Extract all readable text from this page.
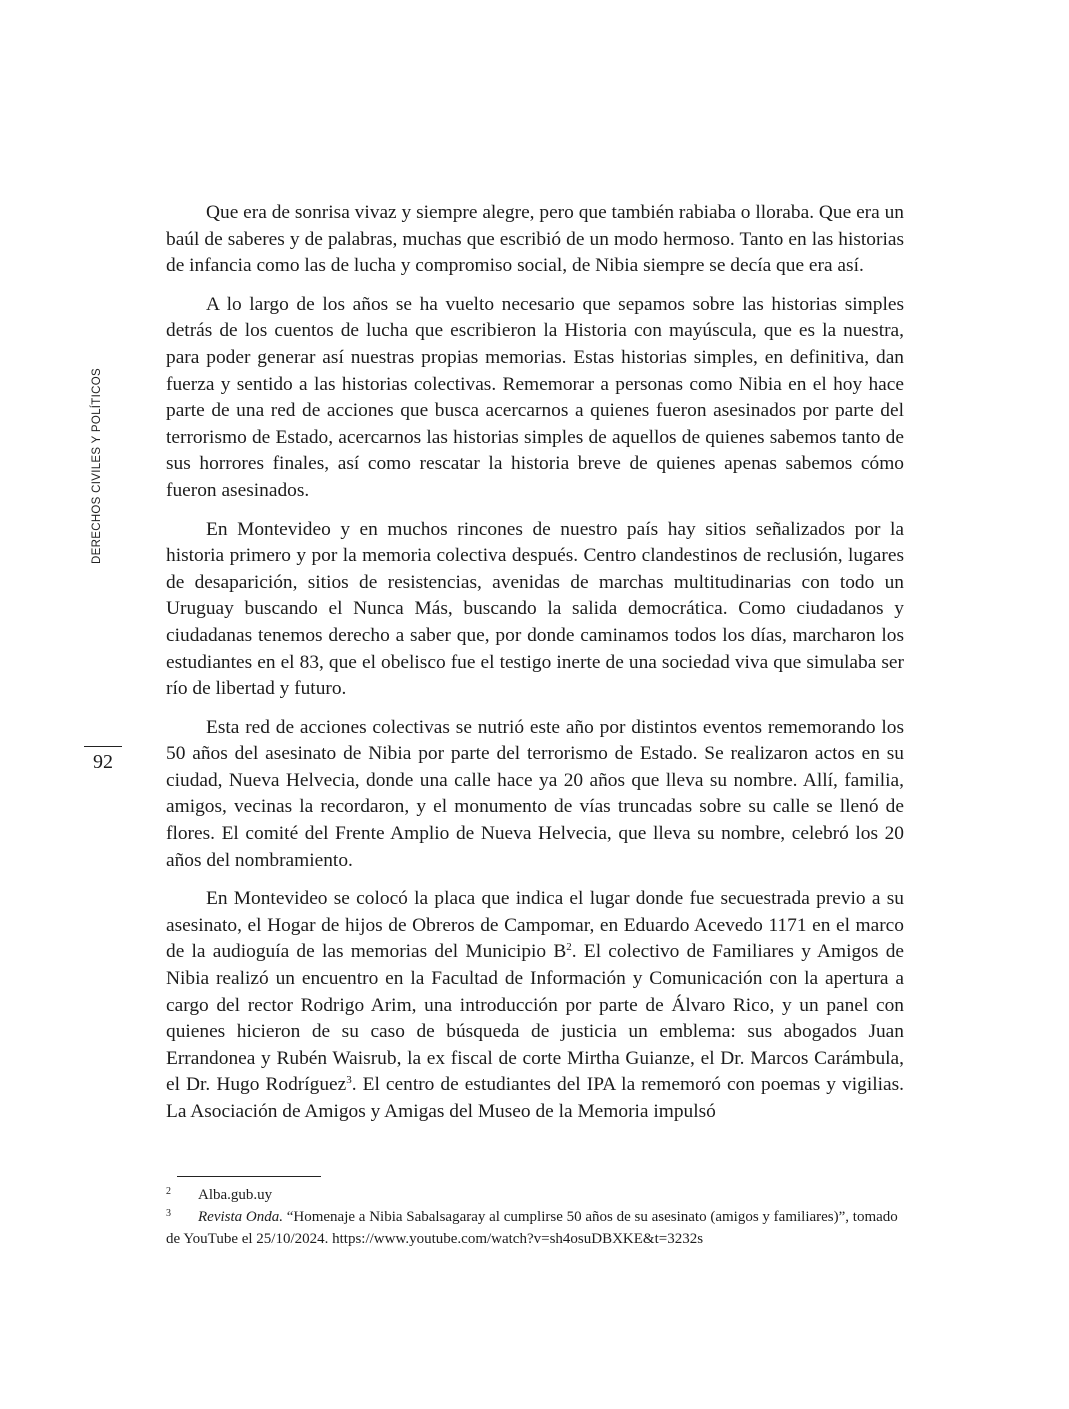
DERECHOS CIVILES Y POLÍTICOS
92

Que era de sonrisa vivaz y siempre alegre, pero que también rabiaba o lloraba. Que era un baúl de saberes y de palabras, muchas que escribió de un modo hermoso. Tanto en las historias de infancia como las de lucha y compromiso social, de Nibia siempre se decía que era así.

A lo largo de los años se ha vuelto necesario que sepamos sobre las historias simples detrás de los cuentos de lucha que escribieron la Historia con mayúscula, que es la nuestra, para poder generar así nuestras propias memorias. Estas historias simples, en definitiva, dan fuerza y sentido a las historias colectivas. Rememorar a personas como Nibia en el hoy hace parte de una red de acciones que busca acercarnos a quienes fueron asesinados por parte del terrorismo de Estado, acercarnos las historias simples de aquellos de quienes sabemos tanto de sus horrores finales, así como rescatar la historia breve de quienes apenas sabemos cómo fueron asesinados.

En Montevideo y en muchos rincones de nuestro país hay sitios señalizados por la historia primero y por la memoria colectiva después. Centro clandestinos de reclusión, lugares de desaparición, sitios de resistencias, avenidas de marchas multitudinarias con todo un Uruguay buscando el Nunca Más, buscando la salida democrática. Como ciudadanos y ciudadanas tenemos derecho a saber que, por donde caminamos todos los días, marcharon los estudiantes en el 83, que el obelisco fue el testigo inerte de una sociedad viva que simulaba ser río de libertad y futuro.

Esta red de acciones colectivas se nutrió este año por distintos eventos rememorando los 50 años del asesinato de Nibia por parte del terrorismo de Estado. Se realizaron actos en su ciudad, Nueva Helvecia, donde una calle hace ya 20 años que lleva su nombre. Allí, familia, amigos, vecinas la recordaron, y el monumento de vías truncadas sobre su calle se llenó de flores. El comité del Frente Amplio de Nueva Helvecia, que lleva su nombre, celebró los 20 años del nombramiento.

En Montevideo se colocó la placa que indica el lugar donde fue secuestrada previo a su asesinato, el Hogar de hijos de Obreros de Campomar, en Eduardo Acevedo 1171 en el marco de la audioguía de las memorias del Municipio $B^2$. El colectivo de Familiares y Amigos de Nibia realizó un encuentro en la Facultad de Información y Comunicación con la apertura a cargo del rector Rodrigo Arim, una introducción por parte de Álvaro Rico, y un panel con quienes hicieron de su caso de búsqueda de justicia un emblema: sus abogados Juan Errandonea y Rubén Waisrub, la ex fiscal de corte Mirtha Guianze, el Dr. Marcos Carámbula, el Dr. Hugo Rodríguez$^3$. El centro de estudiantes del IPA la rememoró con poemas y vigilias. La Asociación de Amigos y Amigas del Museo de la Memoria impulsó

2 Alba.gub.uy

3 Revista Onda. “Homenaje a Nibia Sabalsagaray al cumplirse 50 años de su asesinato (amigos y familiares)”, tomado de YouTube el 25/10/2024. https://www.youtube.com/watch?v=sh4osuDBXKE&t=3232s
